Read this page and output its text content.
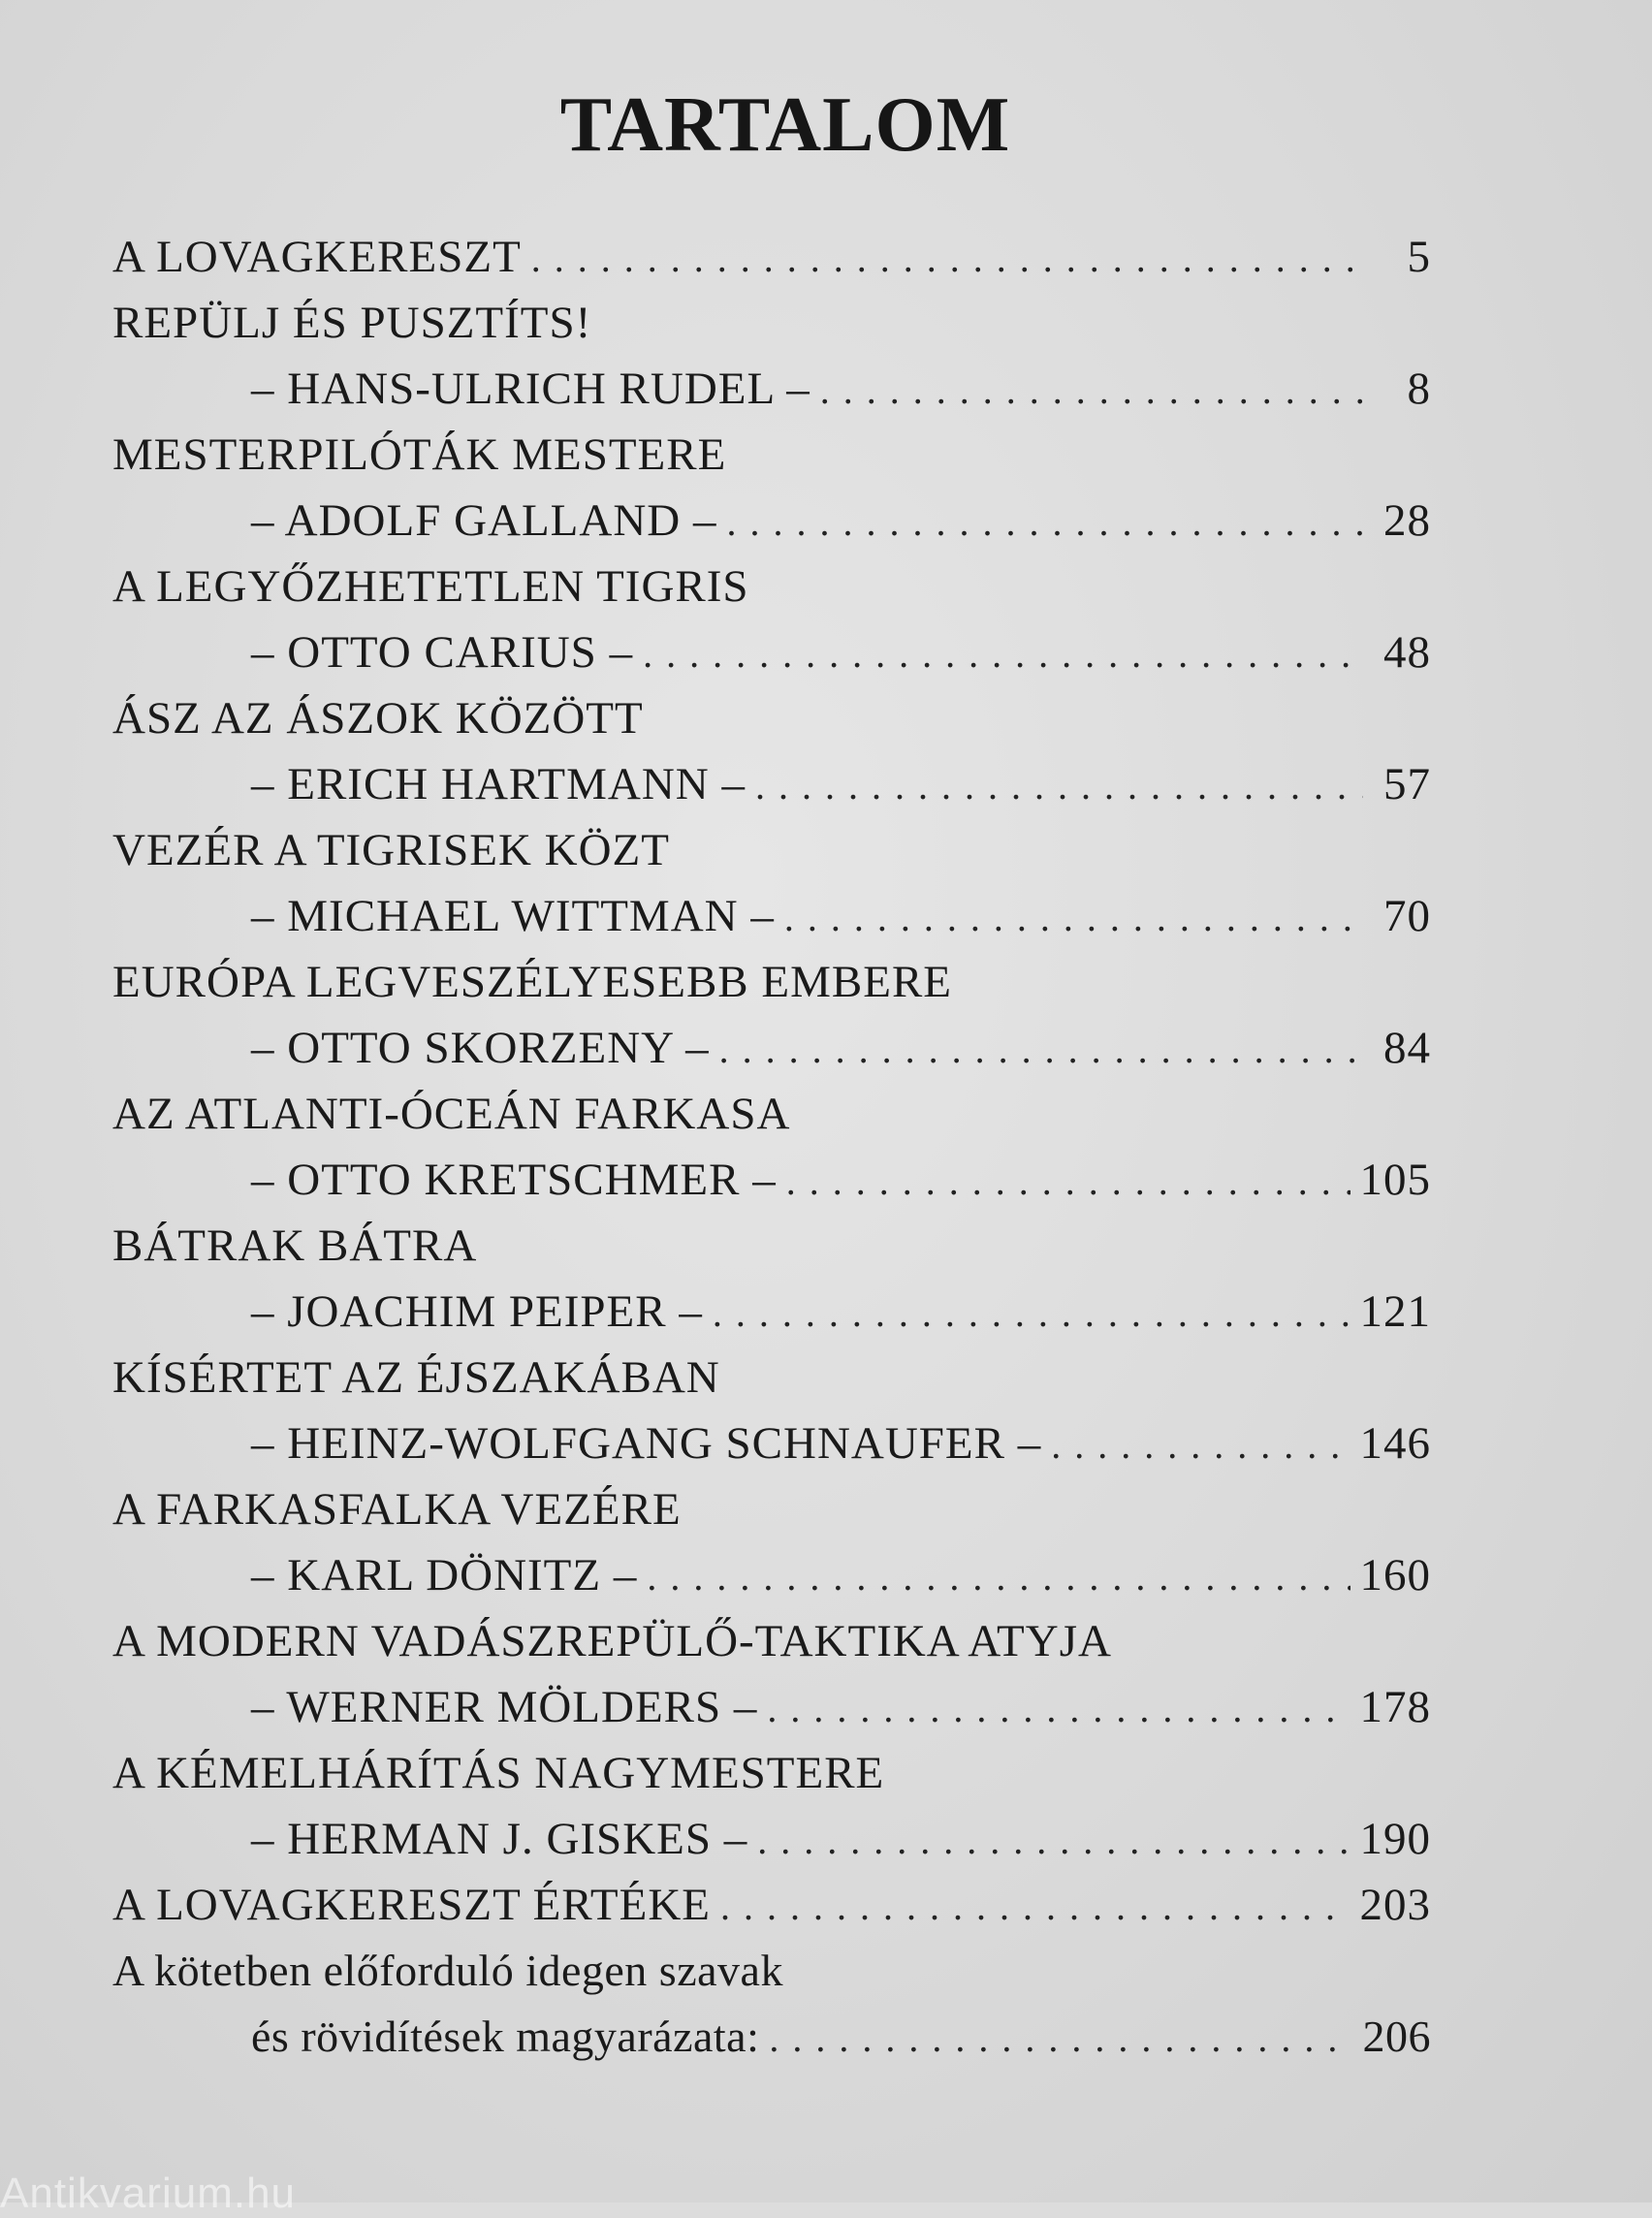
TARTALOM
A LOVAGKERESZT . . .	5
REPÜLJ ÉS PUSZTÍTS!
– HANS-ULRICH RUDEL – . . .	8
MESTERPILÓTÁK MESTERE
– ADOLF GALLAND – . . .	28
A LEGYŐZHETETLEN TIGRIS
– OTTO CARIUS – . . .	48
ÁSZ AZ ÁSZOK KÖZÖTT
– ERICH HARTMANN – . . .	57
VEZÉR A TIGRISEK KÖZT
– MICHAEL WITTMAN – . . .	70
EURÓPA LEGVESZÉLYESEBB EMBERE
– OTTO SKORZENY – . . .	84
AZ ATLANTI-ÓCEÁN FARKASA
– OTTO KRETSCHMER – . . .	105
BÁTRAK BÁTRA
– JOACHIM PEIPER – . . .	121
KÍSÉRTET AZ ÉJSZAKÁBAN
– HEINZ-WOLFGANG SCHNAUFER – . . .	146
A FARKASFALKA VEZÉRE
– KARL DÖNITZ – . . .	160
A MODERN VADÁSZREPÜLŐ-TAKTIKA ATYJA
– WERNER MÖLDERS – . . .	178
A KÉMELHÁRÍTÁS NAGYMESTERE
– HERMAN J. GISKES – . . .	190
A LOVAGKERESZT ÉRTÉKE . . .	203
A kötetben előforduló idegen szavak
és rövidítések magyarázata: . . .	206
Antikvarium.hu
